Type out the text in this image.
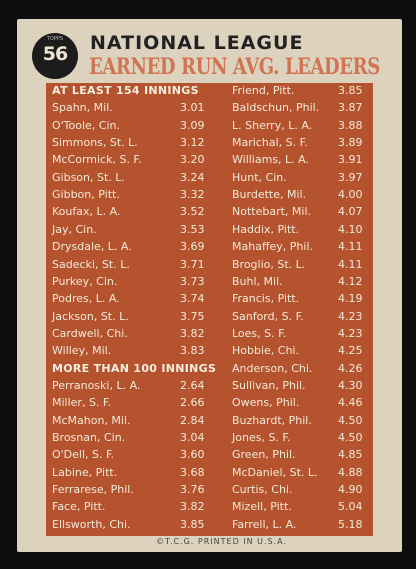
TOPPS
56	NATIONAL LEAGUE
EARNED RUN AVG. LEADERS
AT LEAST 154 INNINGS
Spahn, Mil.	3.01
O'Toole, Cin.	3.09
Simmons, St. L.	3.12
McCormick, S. F.	3.20
Gibson, St. L.	3.24
Gibbon, Pitt.	3.32
Koufax, L. A.	3.52
Jay, Cin.	3.53
Drysdale, L. A.	3.69
Sadecki, St. L.	3.71
Purkey, Cin.	3.73
Podres, L. A.	3.74
Jackson, St. L.	3.75
Cardwell, Chi.	3.82
Willey, Mil.	3.83
MORE THAN 100 INNINGS
Perranoski, L. A.	2.64
Miller, S. F.	2.66
McMahon, Mil.	2.84
Brosnan, Cin.	3.04
O'Dell, S. F.	3.60
Labine, Pitt.	3.68
Ferrarese, Phil.	3.76
Face, Pitt.	3.82
Ellsworth, Chi.	3.85
Friend, Pitt.	3.85
Baldschun, Phil. 3.87
L. Sherry, L. A. 3.88
Marichal, S. F.	3.89
Williams, L. A.	3.91
Hunt, Cin.	3.97
Burdette, Mil.	4.00
Nottebart, Mil. 4.07
Haddix, Pitt.	4.10
Mahaffey, Phil. 4.11
Broglio, St. L.	4.11
Buhl, Mil.	4.12
Francis, Pitt.	4.19
Sanford, S. F.	4.23
Loes, S. F.	4.23
Hobbie, Chi.	4.25
Anderson, Chi. 4.26
Sullivan, Phil.	4.30
Owens, Phil.	4.46
Buzhardt, Phil. 4.50
Jones, S. F.	4.50
Green, Phil.	4.85
McDaniel, St. L. 4.88
Curtis, Chi.	4.90
Mizell, Pitt.	5.04
Farrell, L. A.	5.18
©T.C.G. PRINTED IN U.S.A.
